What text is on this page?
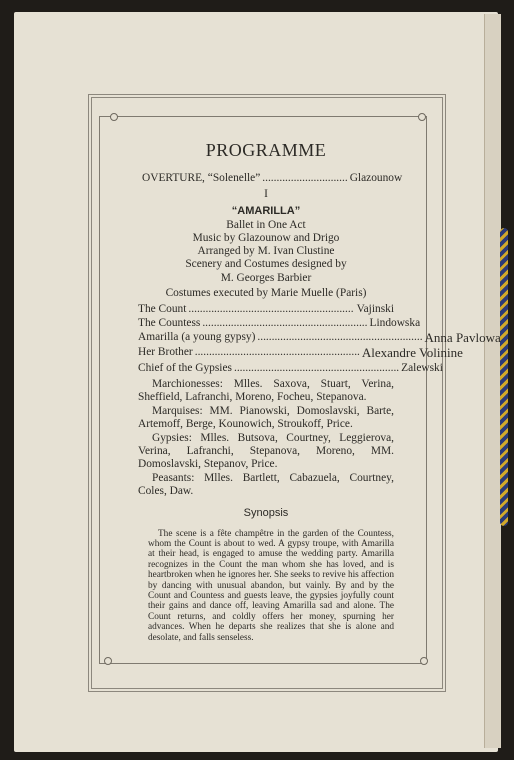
PROGRAMME
OVERTURE, “Solenelle” .............................. Glazounow
I
“AMARILLA”
Ballet in One Act
Music by Glazounow and Drigo
Arranged by M. Ivan Clustine
Scenery and Costumes designed by
M. Georges Barbier
Costumes executed by Marie Muelle (Paris)
The Count .......................................................... Vajinski
The Countess .......................................................... Lindowska
Amarilla (a young gypsy) .......................................................... Anna Pavlowa
Her Brother .......................................................... Alexandre Volinine
Chief of the Gypsies .......................................................... Zalewski
Marchionesses: Mlles. Saxova, Stuart, Verina, Sheffield, Lafranchi, Moreno, Focheu, Stepanova.
Marquises: MM. Pianowski, Domoslavski, Barte, Artemoff, Berge, Kounowich, Stroukoff, Price.
Gypsies: Mlles. Butsova, Courtney, Leggierova, Verina, Lafranchi, Stepanova, Moreno, MM. Domoslavski, Stepanov, Price.
Peasants: Mlles. Bartlett, Cabazuela, Courtney, Coles, Daw.
Synopsis
The scene is a fête champêtre in the garden of the Countess, whom the Count is about to wed. A gypsy troupe, with Amarilla at their head, is engaged to amuse the wedding party. Amarilla recognizes in the Count the man whom she has loved, and is heartbroken when he ignores her. She seeks to revive his affection by dancing with unusual abandon, but vainly. By and by the Count and Countess and guests leave, the gypsies joyfully count their gains and dance off, leaving Amarilla sad and alone. The Count returns, and coldly offers her money, spurning her advances. When he departs she realizes that she is alone and desolate, and falls senseless.
